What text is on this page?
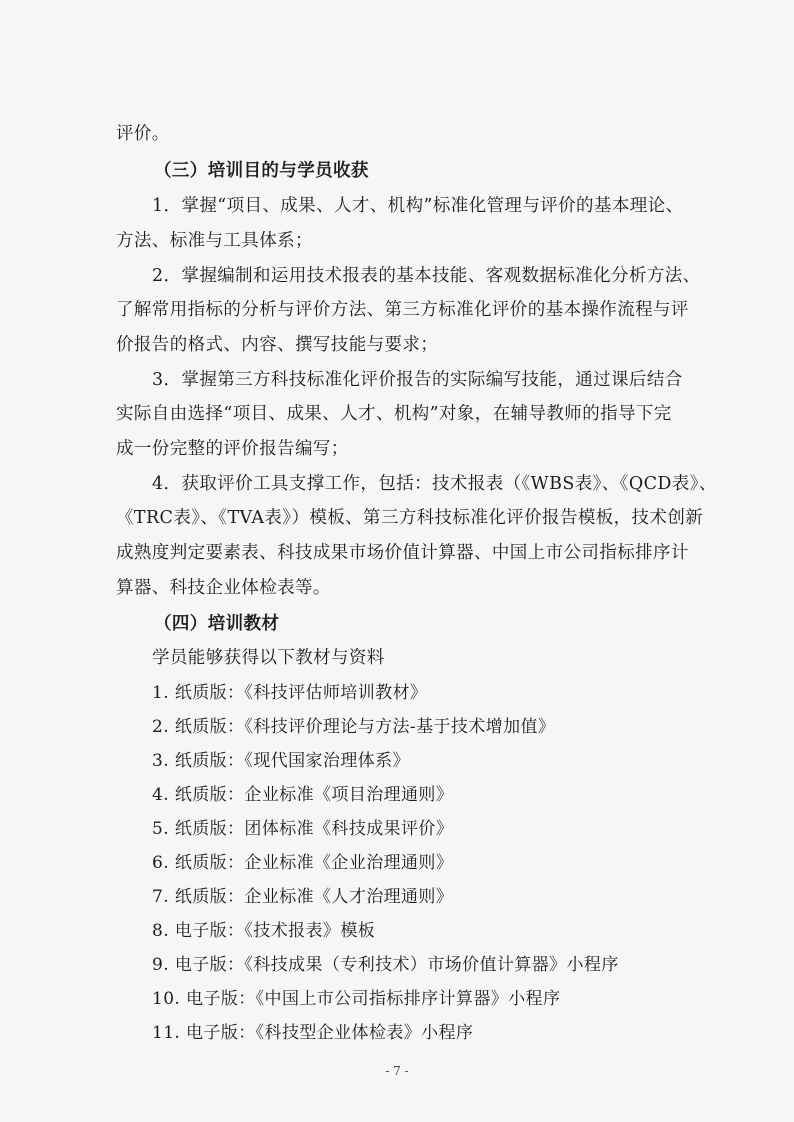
评价。
（三）培训目的与学员收获
1．掌握“项目、成果、人才、机构”标准化管理与评价的基本理论、
方法、标准与工具体系；
2．掌握编制和运用技术报表的基本技能、客观数据标准化分析方法、
了解常用指标的分析与评价方法、第三方标准化评价的基本操作流程与评
价报告的格式、内容、撰写技能与要求；
3．掌握第三方科技标准化评价报告的实际编写技能，通过课后结合
实际自由选择“项目、成果、人才、机构”对象，在辅导教师的指导下完
成一份完整的评价报告编写；
4．获取评价工具支撑工作，包括：技术报表（《WBS表》、《QCD表》、
《TRC表》、《TVA表》）模板、第三方科技标准化评价报告模板，技术创新
成熟度判定要素表、科技成果市场价值计算器、中国上市公司指标排序计
算器、科技企业体检表等。
（四）培训教材
学员能够获得以下教材与资料
1. 纸质版：《科技评估师培训教材》
2. 纸质版：《科技评价理论与方法-基于技术增加值》
3. 纸质版：《现代国家治理体系》
4. 纸质版：企业标准《项目治理通则》
5. 纸质版：团体标准《科技成果评价》
6. 纸质版：企业标准《企业治理通则》
7. 纸质版：企业标准《人才治理通则》
8. 电子版：《技术报表》模板
9. 电子版：《科技成果（专利技术）市场价值计算器》小程序
10. 电子版：《中国上市公司指标排序计算器》小程序
11. 电子版：《科技型企业体检表》小程序
- 7 -
